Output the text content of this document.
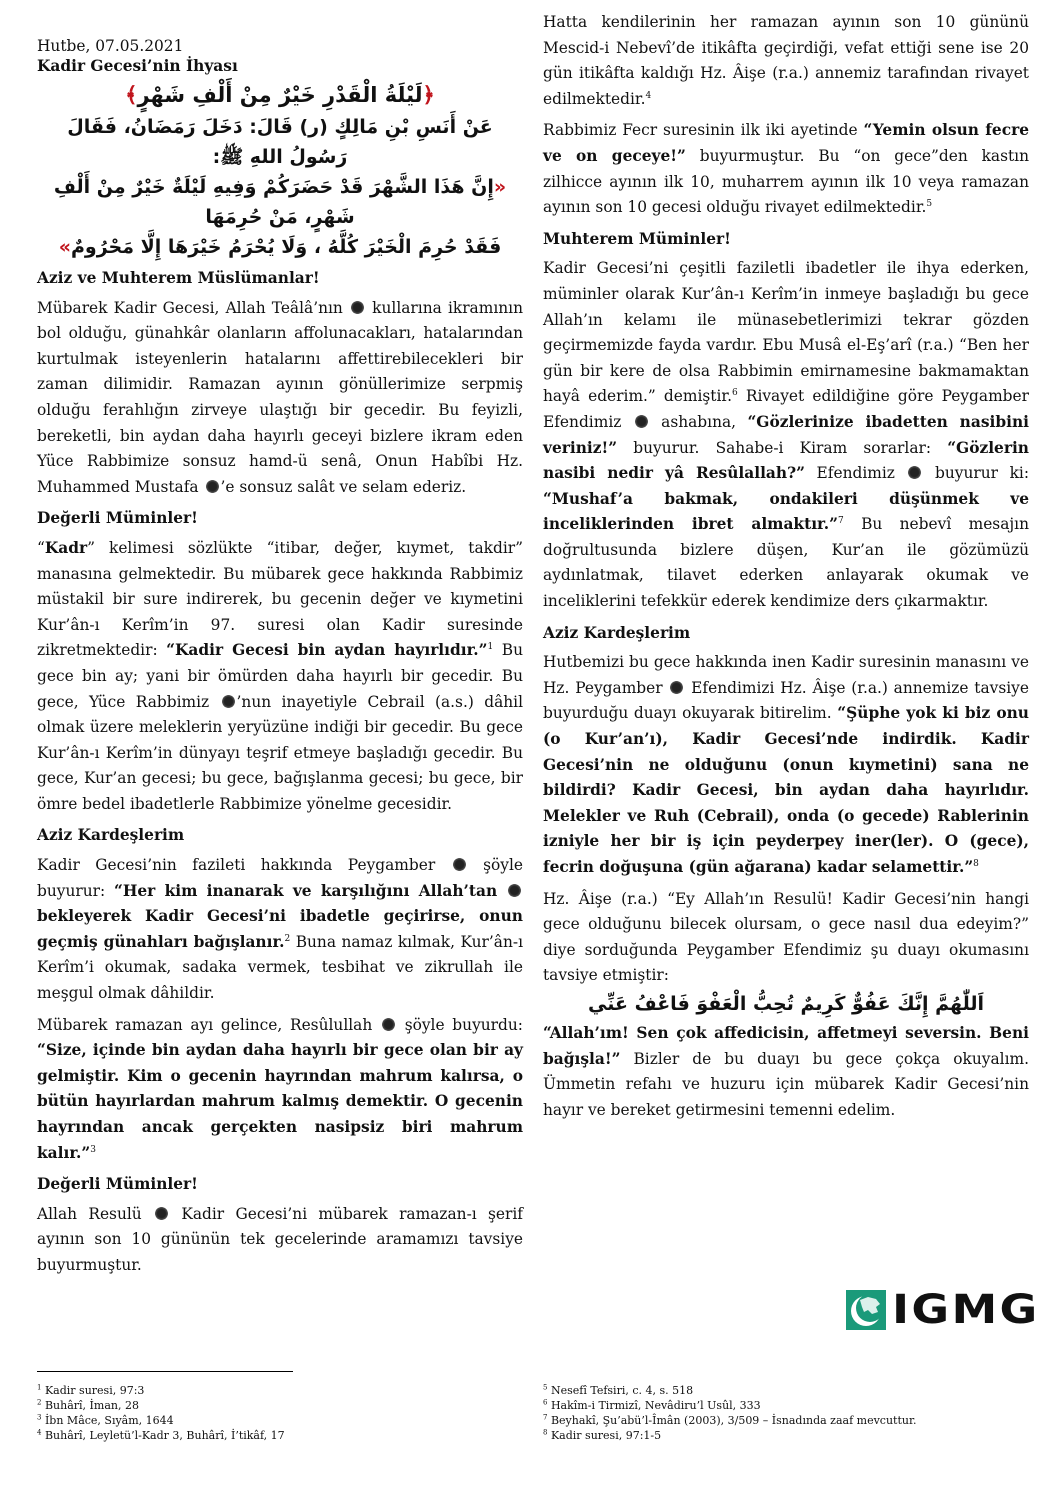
Hutbe, 07.05.2021

Kadir Gecesi’nin İhyası

﴿لَيْلَةُ الْقَدْرِ خَيْرٌ مِنْ أَلْفِ شَهْرٍ﴾

عَنْ أَنَسِ بْنِ مَالِكٍ (ر) قَالَ: دَخَلَ رَمَضَانُ، فَقَالَ رَسُولُ اللهِ ﷺ:

«إِنَّ هَذَا الشَّهْرَ قَدْ حَضَرَكُمْ وَفِيهِ لَيْلَةٌ خَيْرٌ مِنْ أَلْفِ شَهْرٍ، مَنْ حُرِمَهَا

فَقَدْ حُرِمَ الْخَيْرَ كُلَّهُ ، وَلَا يُحْرَمُ خَيْرَهَا إِلَّا مَحْرُومٌ»

Aziz ve Muhterem Müslümanlar!

Mübarek Kadir Gecesi, Allah Teâlâ’nın kullarına ikramının bol olduğu, günahkâr olanların affolunacakları, hatalarından kurtulmak isteyenlerin hatalarını affettirebilecekleri bir zaman dilimidir. Ramazan ayının gönüllerimize serpmiş olduğu ferahlığın zirveye ulaştığı bir gecedir. Bu feyizli, bereketli, bin aydan daha hayırlı geceyi bizlere ikram eden Yüce Rabbimize sonsuz hamd-ü senâ, Onun Habîbi Hz. Muhammed Mustafa ’e sonsuz salât ve selam ederiz.

Değerli Müminler!

“Kadr” kelimesi sözlükte “itibar, değer, kıymet, takdir” manasına gelmektedir. Bu mübarek gece hakkında Rabbimiz müstakil bir sure indirerek, bu gecenin değer ve kıymetini Kur’ân-ı Kerîm’in 97. suresi olan Kadir suresinde zikretmektedir: “Kadir Gecesi bin aydan hayırlıdır.”$^1$ Bu gece bin ay; yani bir ömürden daha hayırlı bir gecedir. Bu gece, Yüce Rabbimiz ’nun inayetiyle Cebrail (a.s.) dâhil olmak üzere meleklerin yeryüzüne indiği bir gecedir. Bu gece Kur’ân-ı Kerîm’in dünyayı teşrif etmeye başladığı gecedir. Bu gece, Kur’an gecesi; bu gece, bağışlanma gecesi; bu gece, bir ömre bedel ibadetlerle Rabbimize yönelme gecesidir.

Aziz Kardeşlerim

Kadir Gecesi’nin fazileti hakkında Peygamber  şöyle buyurur: “Her kim inanarak ve karşılığını Allah’tan  bekleyerek Kadir Gecesi’ni ibadetle geçirirse, onun geçmiş günahları bağışlanır.$^2$ Buna namaz kılmak, Kur’ân-ı Kerîm’i okumak, sadaka vermek, tesbihat ve zikrullah ile meşgul olmak dâhildir.

Mübarek ramazan ayı gelince, Resûlullah  şöyle buyurdu: “Size, içinde bin aydan daha hayırlı bir gece olan bir ay gelmiştir. Kim o gecenin hayrından mahrum kalırsa, o bütün hayırlardan mahrum kalmış demektir. O gecenin hayrından ancak gerçekten nasipsiz biri mahrum kalır.”$^3$

Değerli Müminler!

Allah Resulü  Kadir Gecesi’ni mübarek ramazan-ı şerif ayının son 10 gününün tek gecelerinde aramamızı tavsiye buyurmuştur.

Hatta kendilerinin her ramazan ayının son 10 gününü Mescid-i Nebevî’de itikâfta geçirdiği, vefat ettiği sene ise 20 gün itikâfta kaldığı Hz. Âişe (r.a.) annemiz tarafından rivayet edilmektedir.$^4$

Rabbimiz Fecr suresinin ilk iki ayetinde “Yemin olsun fecre ve on geceye!” buyurmuştur. Bu “on gece”den kastın zilhicce ayının ilk 10, muharrem ayının ilk 10 veya ramazan ayının son 10 gecesi olduğu rivayet edilmektedir.$^5$

Muhterem Müminler!

Kadir Gecesi’ni çeşitli faziletli ibadetler ile ihya ederken, müminler olarak Kur’ân-ı Kerîm’in inmeye başladığı bu gece Allah’ın kelamı ile münasebetlerimizi tekrar gözden geçirmemizde fayda vardır. Ebu Musâ el-Eş’arî (r.a.) “Ben her gün bir kere de olsa Rabbimin emirnamesine bakmamaktan hayâ ederim.” demiştir.$^6$ Rivayet edildiğine göre Peygamber Efendimiz  ashabına, “Gözlerinize ibadetten nasibini veriniz!” buyurur. Sahabe-i Kiram sorarlar: “Gözlerin nasibi nedir yâ Resûlallah?” Efendimiz  buyurur ki: “Mushaf’a bakmak, ondakileri düşünmek ve inceliklerinden ibret almaktır.”$^7$ Bu nebevî mesajın doğrultusunda bizlere düşen, Kur’an ile gözümüzü aydınlatmak, tilavet ederken anlayarak okumak ve inceliklerini tefekkür ederek kendimize ders çıkarmaktır.

Aziz Kardeşlerim

Hutbemizi bu gece hakkında inen Kadir suresinin manasını ve Hz. Peygamber  Efendimizi Hz. Âişe (r.a.) annemize tavsiye buyurduğu duayı okuyarak bitirelim. “Şüphe yok ki biz onu (o Kur’an’ı), Kadir Gecesi’nde indirdik. Kadir Gecesi’nin ne olduğunu (onun kıymetini) sana ne bildirdi? Kadir Gecesi, bin aydan daha hayırlıdır. Melekler ve Ruh (Cebrail), onda (o gecede) Rablerinin izniyle her bir iş için peyderpey iner(ler). O (gece), fecrin doğuşuna (gün ağarana) kadar selamettir.”$^8$

Hz. Âişe (r.a.) “Ey Allah’ın Resulü! Kadir Gecesi’nin hangi gece olduğunu bilecek olursam, o gece nasıl dua edeyim?” diye sorduğunda Peygamber Efendimiz şu duayı okumasını tavsiye etmiştir:

اَللّٰهُمَّ إِنَّكَ عَفُوٌّ كَرِيمٌ تُحِبُّ الْعَفْوَ فَاعْفُ عَنِّي

“Allah’ım! Sen çok affedicisin, affetmeyi seversin. Beni bağışla!” Bizler de bu duayı bu gece çokça okuyalım. Ümmetin refahı ve huzuru için mübarek Kadir Gecesi’nin hayır ve bereket getirmesini temenni edelim.

IGMG

$^1$ Kadir suresi, 97:3

$^2$ Buhârî, İman, 28

$^3$ İbn Mâce, Sıyâm, 1644

$^4$ Buhârî, Leyletü’l-Kadr 3, Buhârî, İ’tikâf, 17

$^5$ Nesefî Tefsiri, c. 4, s. 518

$^6$ Hakîm-i Tirmizî, Nevâdiru’l Usûl, 333

$^7$ Beyhakî, Şu’abü’l-Îmân (2003), 3/509 – İsnadında zaaf mevcuttur.

$^8$ Kadir suresi, 97:1-5
